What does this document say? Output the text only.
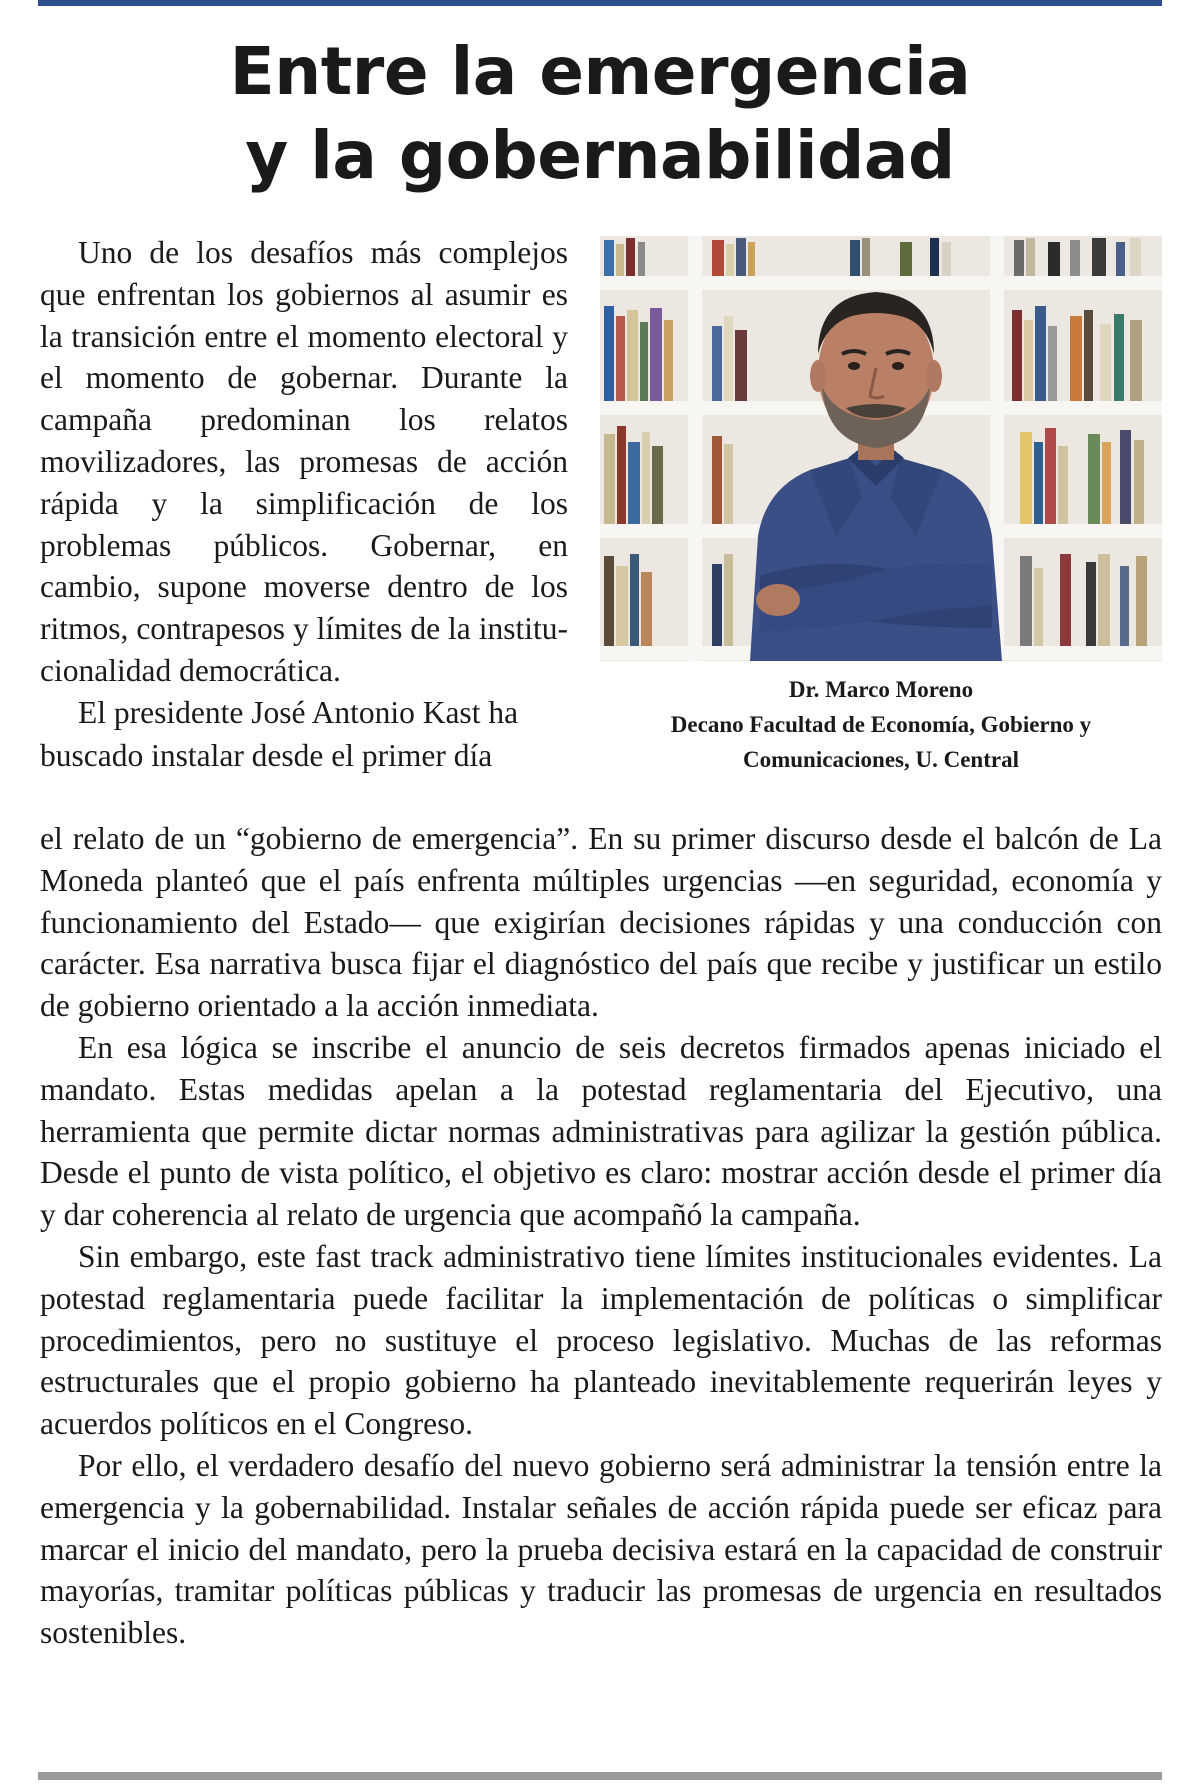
Entre la emergencia
y la gobernabilidad

Uno de los desafíos más complejos que enfrentan los gobiernos al asumir es la transición entre el momento electoral y el momento de gobernar. Durante la campaña predominan los relatos movilizadores, las promesas de acción rápida y la simplificación de los problemas públicos. Gobernar, en cambio, supone moverse dentro de los ritmos, contrapesos y límites de la institucionalidad democrática.

El presidente José Antonio Kast ha

buscado instalar desde el primer día

el relato de un “gobierno de emergencia”. En su primer discurso desde el balcón de La Moneda planteó que el país enfrenta múltiples urgencias —en seguridad, economía y funcionamiento del Estado— que exigirían decisiones rápidas y una conducción con carácter. Esa narrativa busca fijar el diagnóstico del país que recibe y justificar un estilo de gobierno orientado a la acción inmediata.

En esa lógica se inscribe el anuncio de seis decretos firmados apenas iniciado el mandato. Estas medidas apelan a la potestad reglamentaria del Ejecutivo, una herramienta que permite dictar normas administrativas para agilizar la gestión pública. Desde el punto de vista político, el objetivo es claro: mostrar acción desde el primer día y dar coherencia al relato de urgencia que acompañó la campaña.

Sin embargo, este fast track administrativo tiene límites institucionales evidentes. La potestad reglamentaria puede facilitar la implementación de políticas o simplificar procedimientos, pero no sustituye el proceso legislativo. Muchas de las reformas estructurales que el propio gobierno ha planteado inevitablemente requerirán leyes y acuerdos políticos en el Congreso.

Por ello, el verdadero desafío del nuevo gobierno será administrar la tensión entre la emergencia y la gobernabilidad. Instalar señales de acción rápida puede ser eficaz para marcar el inicio del mandato, pero la prueba decisiva estará en la capacidad de construir mayorías, tramitar políticas públicas y traducir las promesas de urgencia en resultados sostenibles.

Dr. Marco Moreno
Decano Facultad de Economía, Gobierno y
Comunicaciones, U. Central
